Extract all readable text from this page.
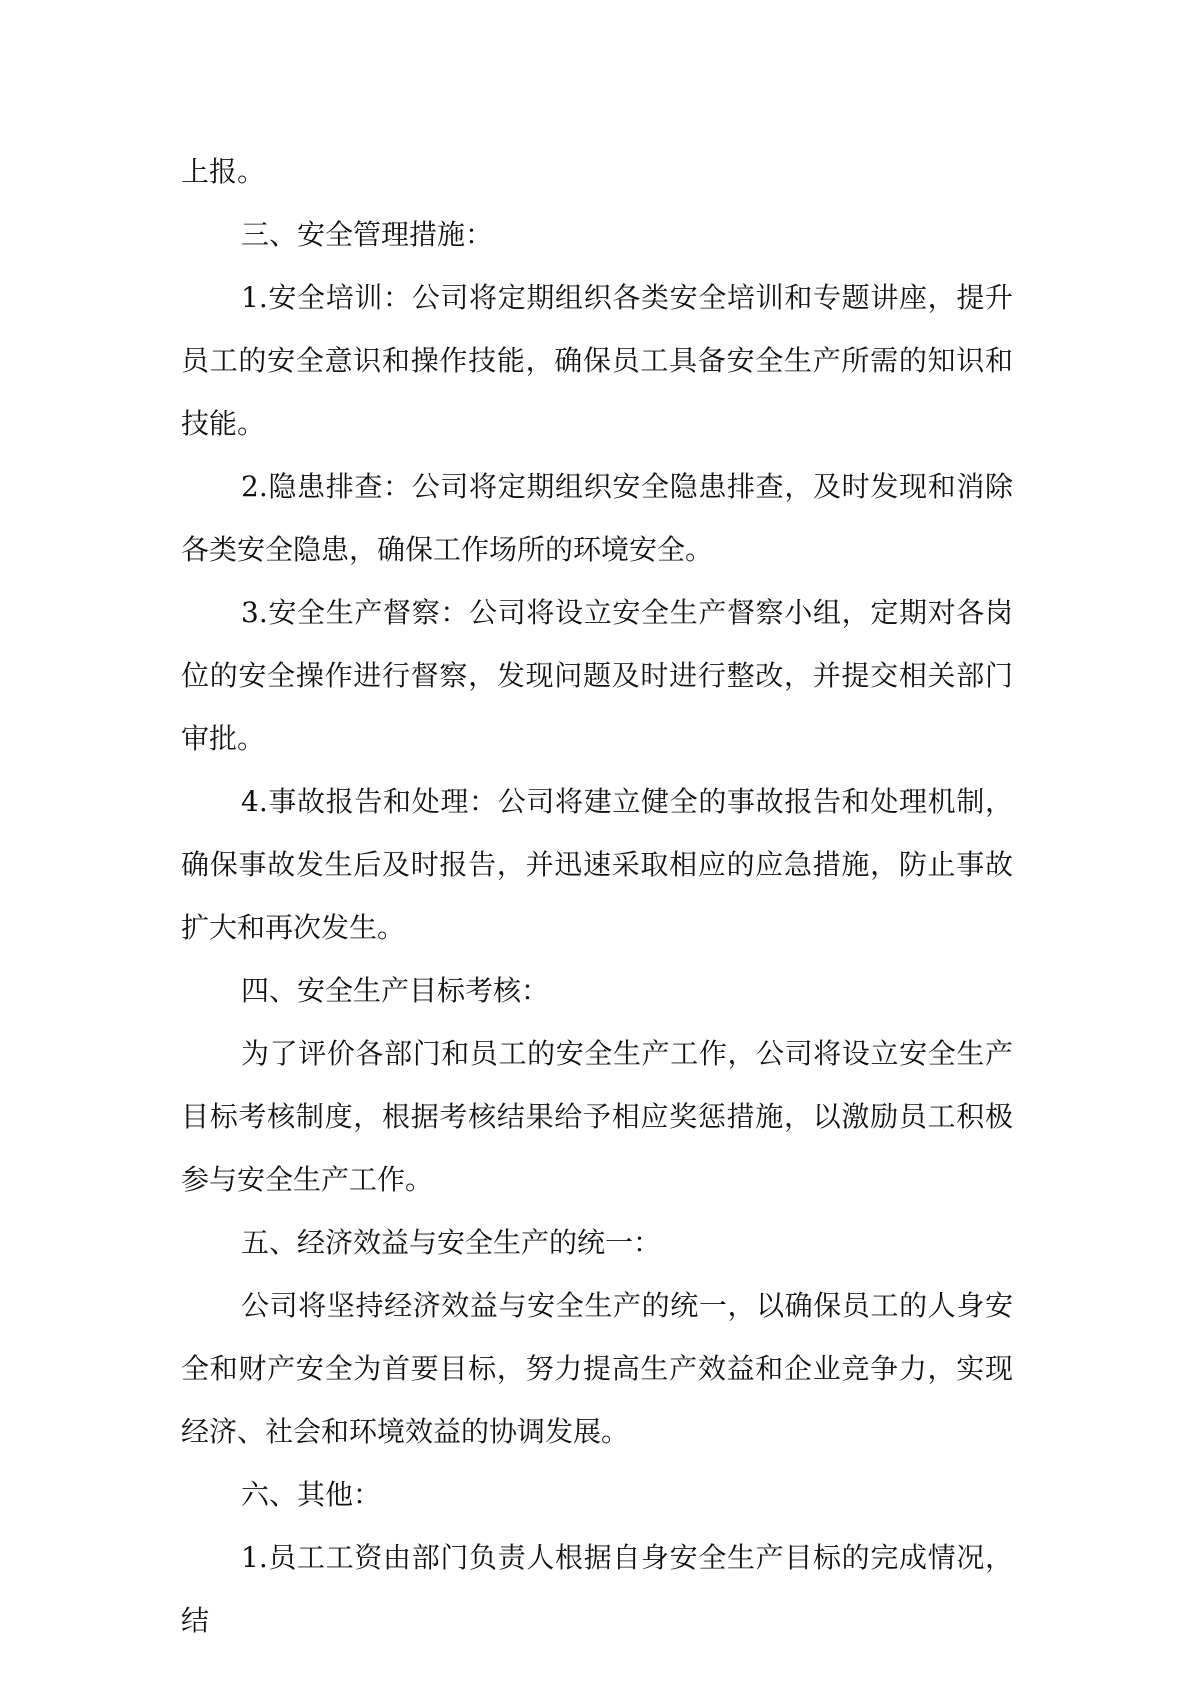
上报。

三、安全管理措施：

1.安全培训：公司将定期组织各类安全培训和专题讲座，提升员工的安全意识和操作技能，确保员工具备安全生产所需的知识和技能。

2.隐患排查：公司将定期组织安全隐患排查，及时发现和消除各类安全隐患，确保工作场所的环境安全。

3.安全生产督察：公司将设立安全生产督察小组，定期对各岗位的安全操作进行督察，发现问题及时进行整改，并提交相关部门审批。

4.事故报告和处理：公司将建立健全的事故报告和处理机制，确保事故发生后及时报告，并迅速采取相应的应急措施，防止事故扩大和再次发生。

四、安全生产目标考核：

为了评价各部门和员工的安全生产工作，公司将设立安全生产目标考核制度，根据考核结果给予相应奖惩措施，以激励员工积极参与安全生产工作。

五、经济效益与安全生产的统一：

公司将坚持经济效益与安全生产的统一，以确保员工的人身安全和财产安全为首要目标，努力提高生产效益和企业竞争力，实现经济、社会和环境效益的协调发展。

六、其他：

1.员工工资由部门负责人根据自身安全生产目标的完成情况，结
